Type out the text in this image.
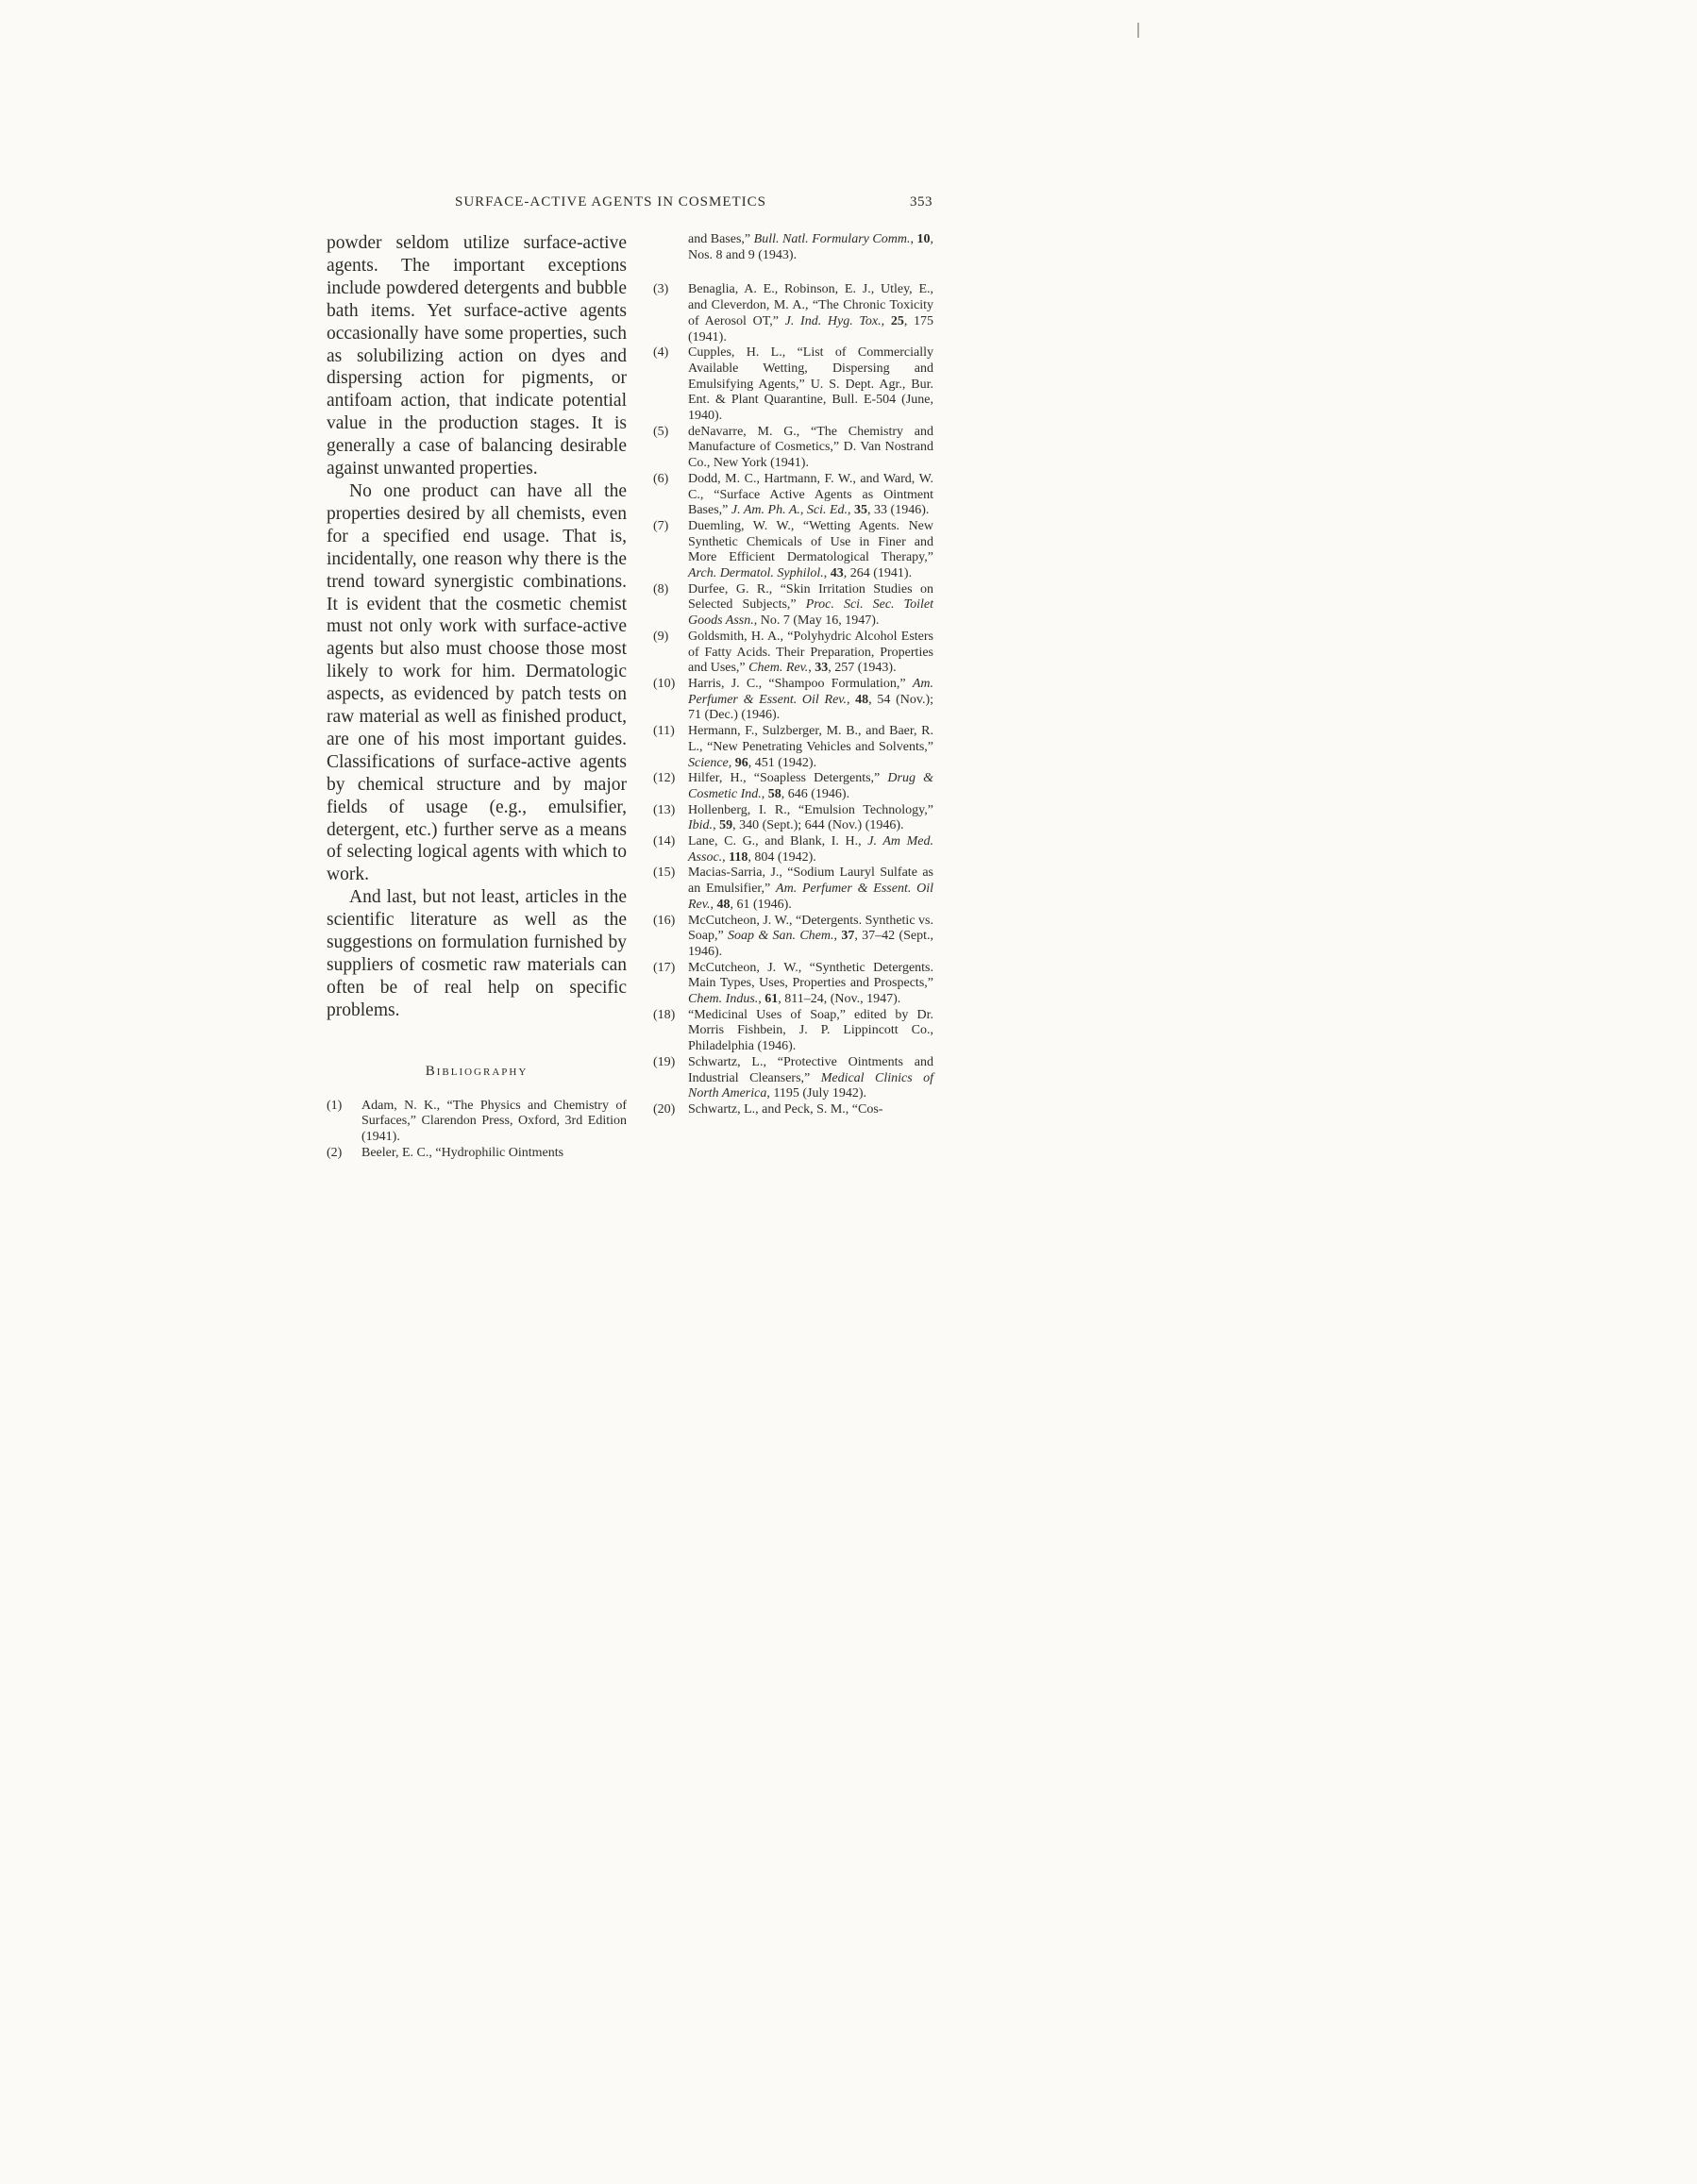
SURFACE-ACTIVE AGENTS IN COSMETICS	353

powder seldom utilize surface-active agents. The important exceptions include powdered detergents and bubble bath items. Yet surface-active agents occasionally have some properties, such as solubilizing action on dyes and dispersing action for pigments, or antifoam action, that indicate potential value in the production stages. It is generally a case of balancing desirable against unwanted properties.

No one product can have all the properties desired by all chemists, even for a specified end usage. That is, incidentally, one reason why there is the trend toward synergistic combinations. It is evident that the cosmetic chemist must not only work with surface-active agents but also must choose those most likely to work for him. Dermatologic aspects, as evidenced by patch tests on raw material as well as finished product, are one of his most important guides. Classifications of surface-active agents by chemical structure and by major fields of usage (e.g., emulsifier, detergent, etc.) further serve as a means of selecting logical agents with which to work.

And last, but not least, articles in the scientific literature as well as the suggestions on formulation furnished by suppliers of cosmetic raw materials can often be of real help on specific problems.

Bibliography
(1) Adam, N. K., “The Physics and Chemistry of Surfaces,” Clarendon Press, Oxford, 3rd Edition (1941).
(2) Beeler, E. C., “Hydrophilic Ointments
and Bases,” Bull. Natl. Formulary Comm., 10, Nos. 8 and 9 (1943).
(3) Benaglia, A. E., Robinson, E. J., Utley, E., and Cleverdon, M. A., “The Chronic Toxicity of Aerosol OT,” J. Ind. Hyg. Tox., 25, 175 (1941).
(4) Cupples, H. L., “List of Commercially Available Wetting, Dispersing and Emulsifying Agents,” U. S. Dept. Agr., Bur. Ent. & Plant Quarantine, Bull. E-504 (June, 1940).
(5) deNavarre, M. G., “The Chemistry and Manufacture of Cosmetics,” D. Van Nostrand Co., New York (1941).
(6) Dodd, M. C., Hartmann, F. W., and Ward, W. C., “Surface Active Agents as Ointment Bases,” J. Am. Ph. A., Sci. Ed., 35, 33 (1946).
(7) Duemling, W. W., “Wetting Agents. New Synthetic Chemicals of Use in Finer and More Efficient Dermatological Therapy,” Arch. Dermatol. Syphilol., 43, 264 (1941).
(8) Durfee, G. R., “Skin Irritation Studies on Selected Subjects,” Proc. Sci. Sec. Toilet Goods Assn., No. 7 (May 16, 1947).
(9) Goldsmith, H. A., “Polyhydric Alcohol Esters of Fatty Acids. Their Preparation, Properties and Uses,” Chem. Rev., 33, 257 (1943).
(10) Harris, J. C., “Shampoo Formulation,” Am. Perfumer & Essent. Oil Rev., 48, 54 (Nov.); 71 (Dec.) (1946).
(11) Hermann, F., Sulzberger, M. B., and Baer, R. L., “New Penetrating Vehicles and Solvents,” Science, 96, 451 (1942).
(12) Hilfer, H., “Soapless Detergents,” Drug & Cosmetic Ind., 58, 646 (1946).
(13) Hollenberg, I. R., “Emulsion Technology,” Ibid., 59, 340 (Sept.); 644 (Nov.) (1946).
(14) Lane, C. G., and Blank, I. H., J. Am Med. Assoc., 118, 804 (1942).
(15) Macias-Sarria, J., “Sodium Lauryl Sulfate as an Emulsifier,” Am. Perfumer & Essent. Oil Rev., 48, 61 (1946).
(16) McCutcheon, J. W., “Detergents. Synthetic vs. Soap,” Soap & San. Chem., 37, 37–42 (Sept., 1946).
(17) McCutcheon, J. W., “Synthetic Detergents. Main Types, Uses, Properties and Prospects,” Chem. Indus., 61, 811–24, (Nov., 1947).
(18) “Medicinal Uses of Soap,” edited by Dr. Morris Fishbein, J. P. Lippincott Co., Philadelphia (1946).
(19) Schwartz, L., “Protective Ointments and Industrial Cleansers,” Medical Clinics of North America, 1195 (July 1942).
(20) Schwartz, L., and Peck, S. M., “Cos-
